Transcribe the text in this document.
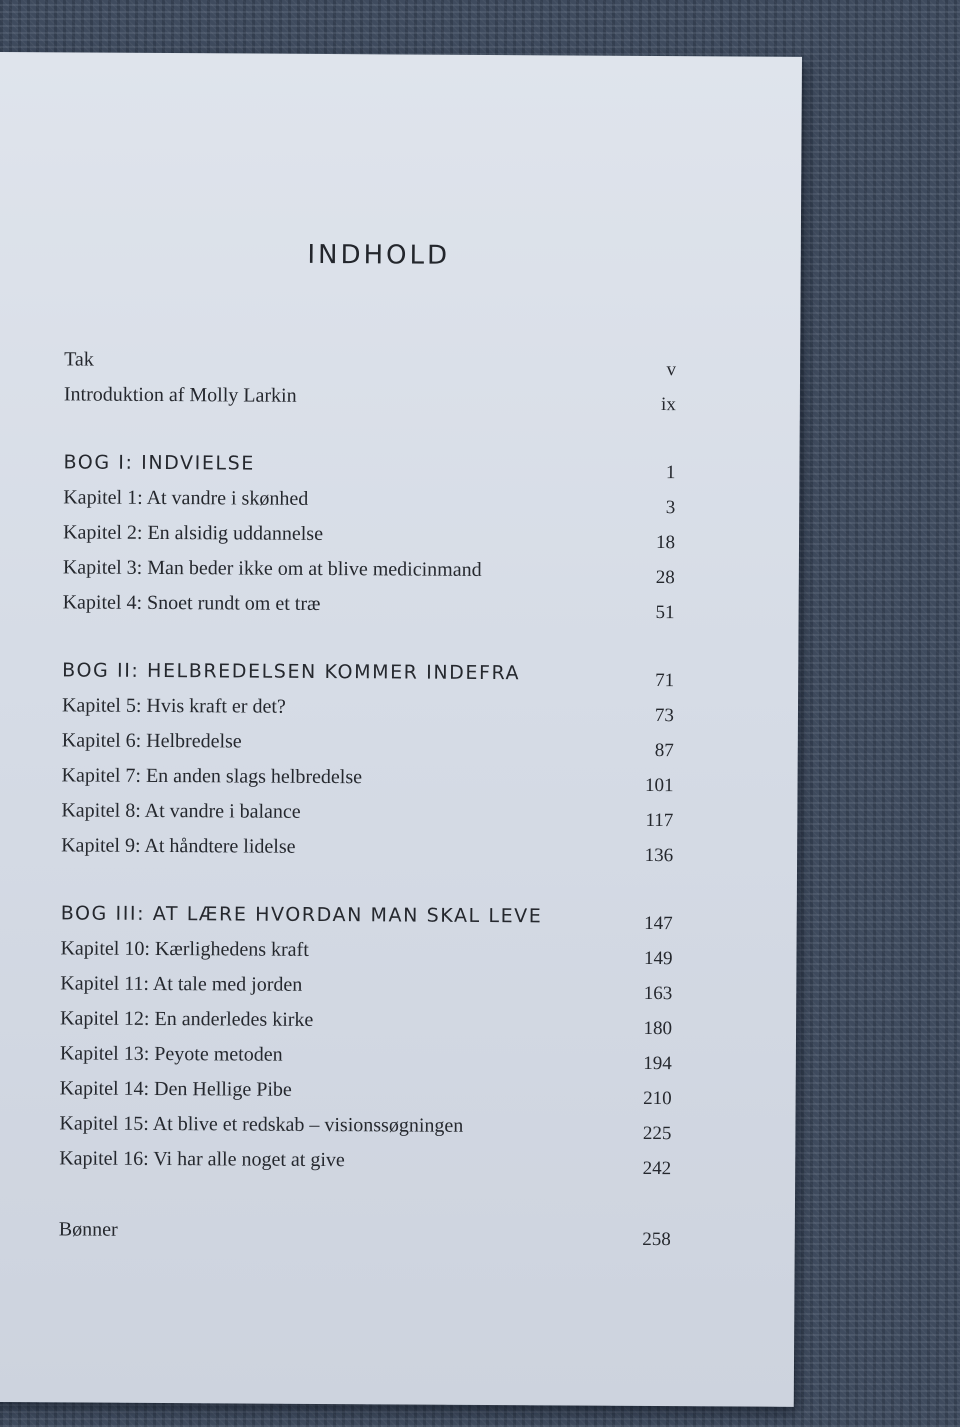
INDHOLD
Tak	v
Introduktion af Molly Larkin	ix
BOG I: INDVIELSE	1
Kapitel 1: At vandre i skønhed	3
Kapitel 2: En alsidig uddannelse	18
Kapitel 3: Man beder ikke om at blive medicinmand	28
Kapitel 4: Snoet rundt om et træ	51
BOG II: HELBREDELSEN KOMMER INDEFRA	71
Kapitel 5: Hvis kraft er det?	73
Kapitel 6: Helbredelse	87
Kapitel 7: En anden slags helbredelse	101
Kapitel 8: At vandre i balance	117
Kapitel 9: At håndtere lidelse	136
BOG III: AT LÆRE HVORDAN MAN SKAL LEVE	147
Kapitel 10: Kærlighedens kraft	149
Kapitel 11: At tale med jorden	163
Kapitel 12: En anderledes kirke	180
Kapitel 13: Peyote metoden	194
Kapitel 14: Den Hellige Pibe	210
Kapitel 15: At blive et redskab – visionssøgningen	225
Kapitel 16: Vi har alle noget at give	242
Bønner	258
